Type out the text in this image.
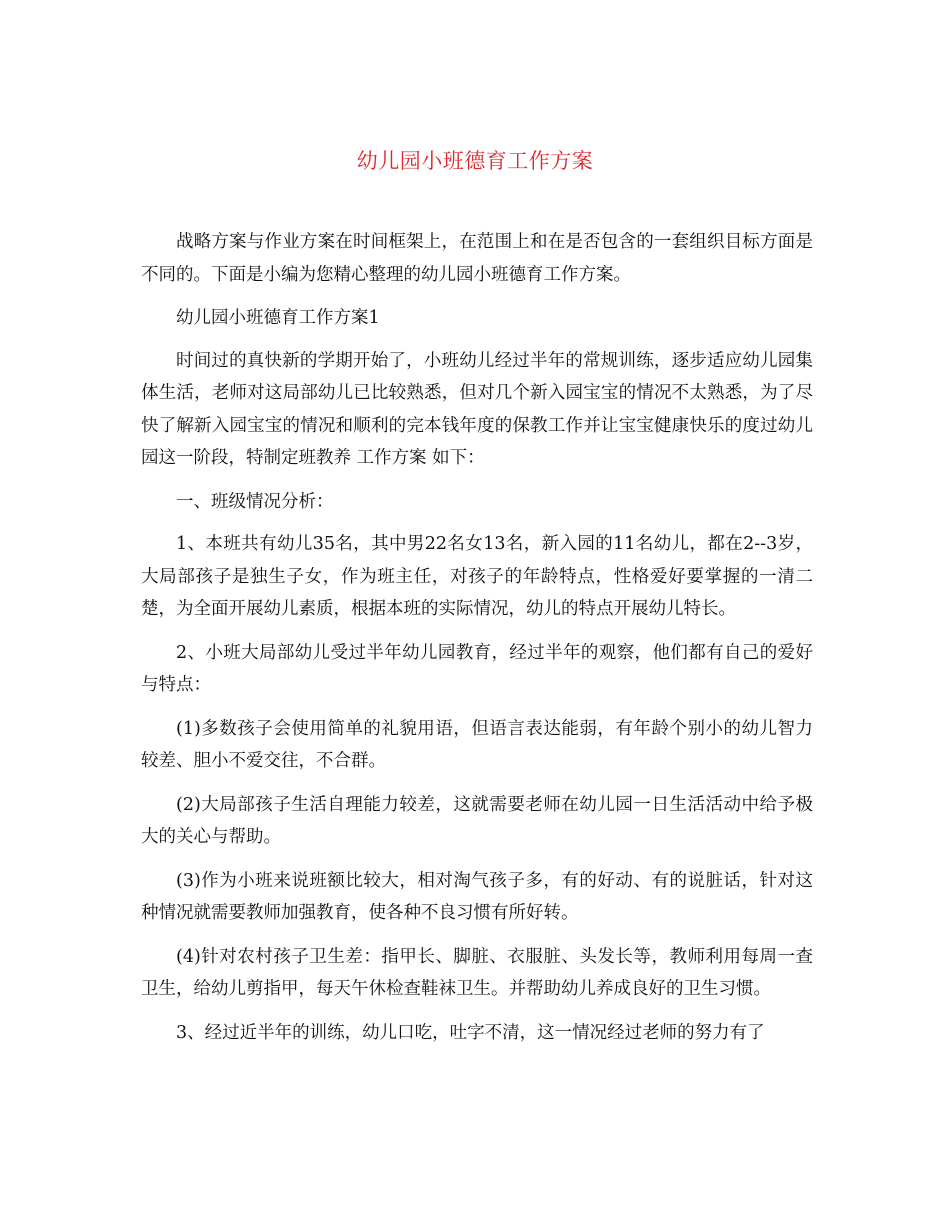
幼儿园小班德育工作方案

战略方案与作业方案在时间框架上，在范围上和在是否包含的一套组织目标方面是不同的。下面是小编为您精心整理的幼儿园小班德育工作方案。

幼儿园小班德育工作方案1

时间过的真快新的学期开始了，小班幼儿经过半年的常规训练，逐步适应幼儿园集体生活，老师对这局部幼儿已比较熟悉，但对几个新入园宝宝的情况不太熟悉，为了尽快了解新入园宝宝的情况和顺利的完本钱年度的保教工作并让宝宝健康快乐的度过幼儿园这一阶段，特制定班教养 工作方案 如下：

一、班级情况分析：

1、本班共有幼儿35名，其中男22名女13名，新入园的11名幼儿，都在2--3岁，大局部孩子是独生子女，作为班主任，对孩子的年龄特点，性格爱好要掌握的一清二楚，为全面开展幼儿素质，根据本班的实际情况，幼儿的特点开展幼儿特长。

2、小班大局部幼儿受过半年幼儿园教育，经过半年的观察，他们都有自己的爱好与特点：

(1)多数孩子会使用简单的礼貌用语，但语言表达能弱，有年龄个别小的幼儿智力较差、胆小不爱交往，不合群。

(2)大局部孩子生活自理能力较差，这就需要老师在幼儿园一日生活活动中给予极大的关心与帮助。

(3)作为小班来说班额比较大，相对淘气孩子多，有的好动、有的说脏话，针对这种情况就需要教师加强教育，使各种不良习惯有所好转。

(4)针对农村孩子卫生差：指甲长、脚脏、衣服脏、头发长等，教师利用每周一查卫生，给幼儿剪指甲，每天午休检查鞋袜卫生。并帮助幼儿养成良好的卫生习惯。

3、经过近半年的训练，幼儿口吃，吐字不清，这一情况经过老师的努力有了
